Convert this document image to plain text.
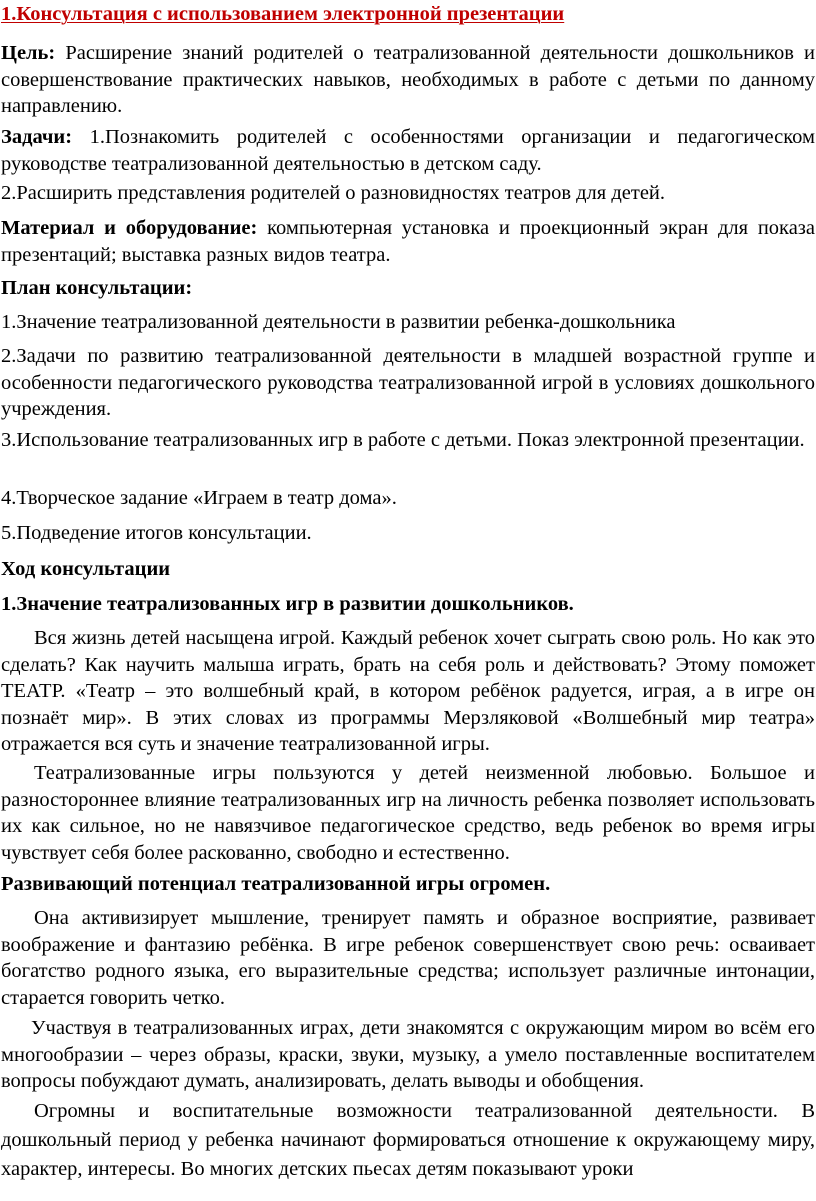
1.Консультация с использованием электронной презентации

Цель: Расширение знаний родителей о театрализованной деятельности дошкольников и совершенствование практических навыков, необходимых в работе с детьми по данному направлению.

Задачи: 1.Познакомить родителей с особенностями организации и педагогическом руководстве театрализованной деятельностью в детском саду.

2.Расширить представления родителей о разновидностях театров для детей.

Материал и оборудование: компьютерная установка и проекционный экран для показа презентаций; выставка разных видов театра.

План консультации:

1.Значение театрализованной деятельности в развитии ребенка-дошкольника

2.Задачи по развитию театрализованной деятельности в младшей возрастной группе и особенности педагогического руководства театрализованной игрой в условиях дошкольного учреждения.

3.Использование театрализованных игр в работе с детьми. Показ электронной презентации.

4.Творческое задание «Играем в театр дома».

5.Подведение итогов консультации.

Ход консультации

1.Значение театрализованных игр в развитии дошкольников.

Вся жизнь детей насыщена игрой. Каждый ребенок хочет сыграть свою роль. Но как это сделать? Как научить малыша играть, брать на себя роль и действовать? Этому поможет ТЕАТР. «Театр – это волшебный край, в котором ребёнок радуется, играя, а в игре он познаёт мир». В этих словах из программы Мерзляковой «Волшебный мир театра» отражается вся суть и значение театрализованной игры.

Театрализованные игры пользуются у детей неизменной любовью. Большое и разностороннее влияние театрализованных игр на личность ребенка позволяет использовать их как сильное, но не навязчивое педагогическое средство, ведь ребенок во время игры чувствует себя более раскованно, свободно и естественно.

Развивающий потенциал театрализованной игры огромен.

Она активизирует мышление, тренирует память и образное восприятие, развивает воображение и фантазию ребёнка. В игре ребенок совершенствует свою речь: осваивает богатство родного языка, его выразительные средства; использует различные интонации, старается говорить четко.

Участвуя в театрализованных играх, дети знакомятся с окружающим миром во всём его многообразии – через образы, краски, звуки, музыку, а умело поставленные воспитателем вопросы побуждают думать, анализировать, делать выводы и обобщения.

Огромны и воспитательные возможности театрализованной деятельности. В дошкольный период у ребенка начинают формироваться отношение к окружающему миру, характер, интересы. Во многих детских пьесах детям показывают уроки
